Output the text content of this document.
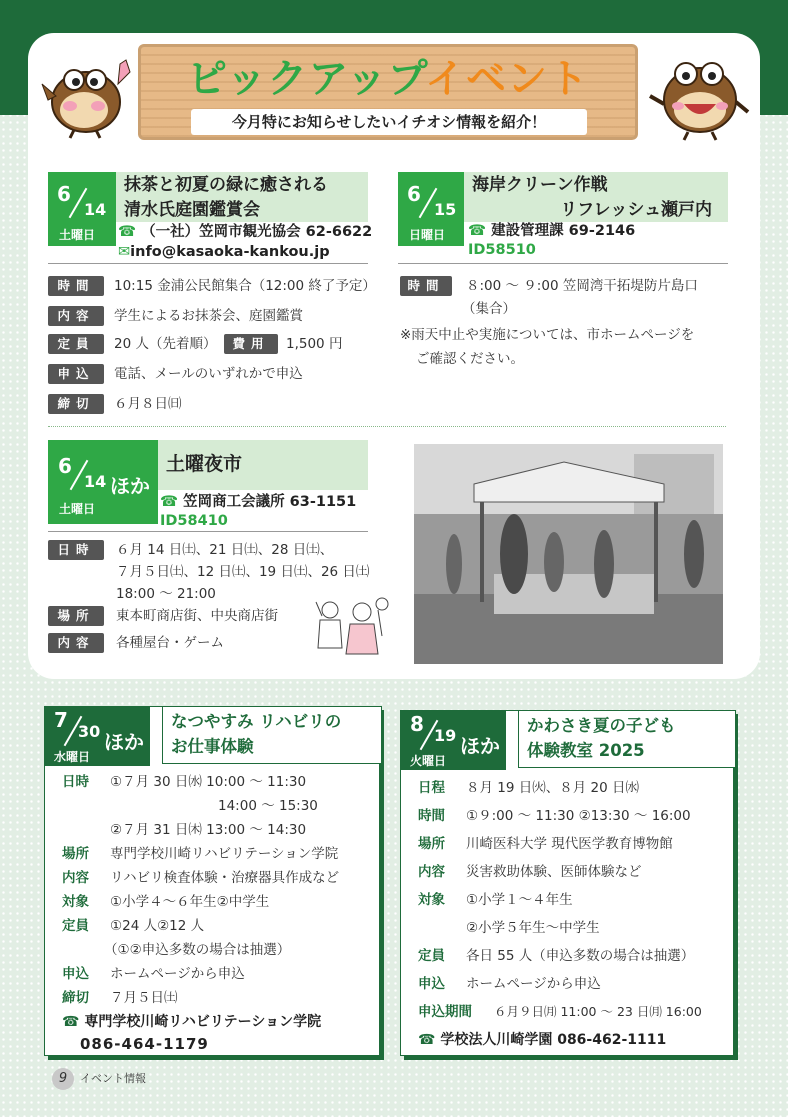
ピックアップイベント
今月特にお知らせしたいイチオシ情報を紹介！
6
14
土曜日
抹茶と初夏の緑に癒される
清水氏庭園鑑賞会
☎ （一社）笠岡市観光協会 62-6622
✉info@kasaoka-kankou.jp
時間	10:15 金浦公民館集合（12:00 終了予定）
内容	学生によるお抹茶会、庭園鑑賞
定員	20 人（先着順）	費用	1,500 円
申込	電話、メールのいずれかで申込
締切	６月８日㈰
6
15
日曜日
海岸クリーン作戦
リフレッシュ瀬戸内
☎ 建設管理課 69-2146
ID58510
時間	８:00 ～ ９:00 笠岡湾干拓堤防片島口
（集合）
※雨天中止や実施については、市ホームページを
ご確認ください。
6
14 ほか
土曜日
土曜夜市
☎ 笠岡商工会議所 63-1151
ID58410
日時	６月 14 日㈯、21 日㈯、28 日㈯、
７月５日㈯、12 日㈯、19 日㈯、26 日㈯
18:00 ～ 21:00
場所	東本町商店街、中央商店街
内容	各種屋台・ゲーム
7 30 ほか
水曜日
なつやすみ リハビリの
お仕事体験
日時 ①７月 30 日㈬ 10:00 ～ 11:30
14:00 ～ 15:30
②７月 31 日㈭ 13:00 ～ 14:30
場所 専門学校川崎リハビリテーション学院
内容 リハビリ検査体験・治療器具作成など
対象 ①小学４～６年生②中学生
定員 ①24 人②12 人
（①②申込多数の場合は抽選）
申込 ホームページから申込
締切 ７月５日㈯
☎ 専門学校川崎リハビリテーション学院
086-464-1179
8 19 ほか
火曜日
かわさき夏の子ども
体験教室 2025
日程 ８月 19 日㈫、８月 20 日㈬
時間 ①９:00 ～ 11:30 ②13:30 ～ 16:00
場所 川崎医科大学 現代医学教育博物館
内容 災害救助体験、医師体験など
対象 ①小学１～４年生
②小学５年生～中学生
定員 各日 55 人（申込多数の場合は抽選）
申込 ホームページから申込
申込期間 ６月９日㈪ 11:00 ～ 23 日㈪ 16:00
☎ 学校法人川崎学園 086-462-1111
9 イベント情報
